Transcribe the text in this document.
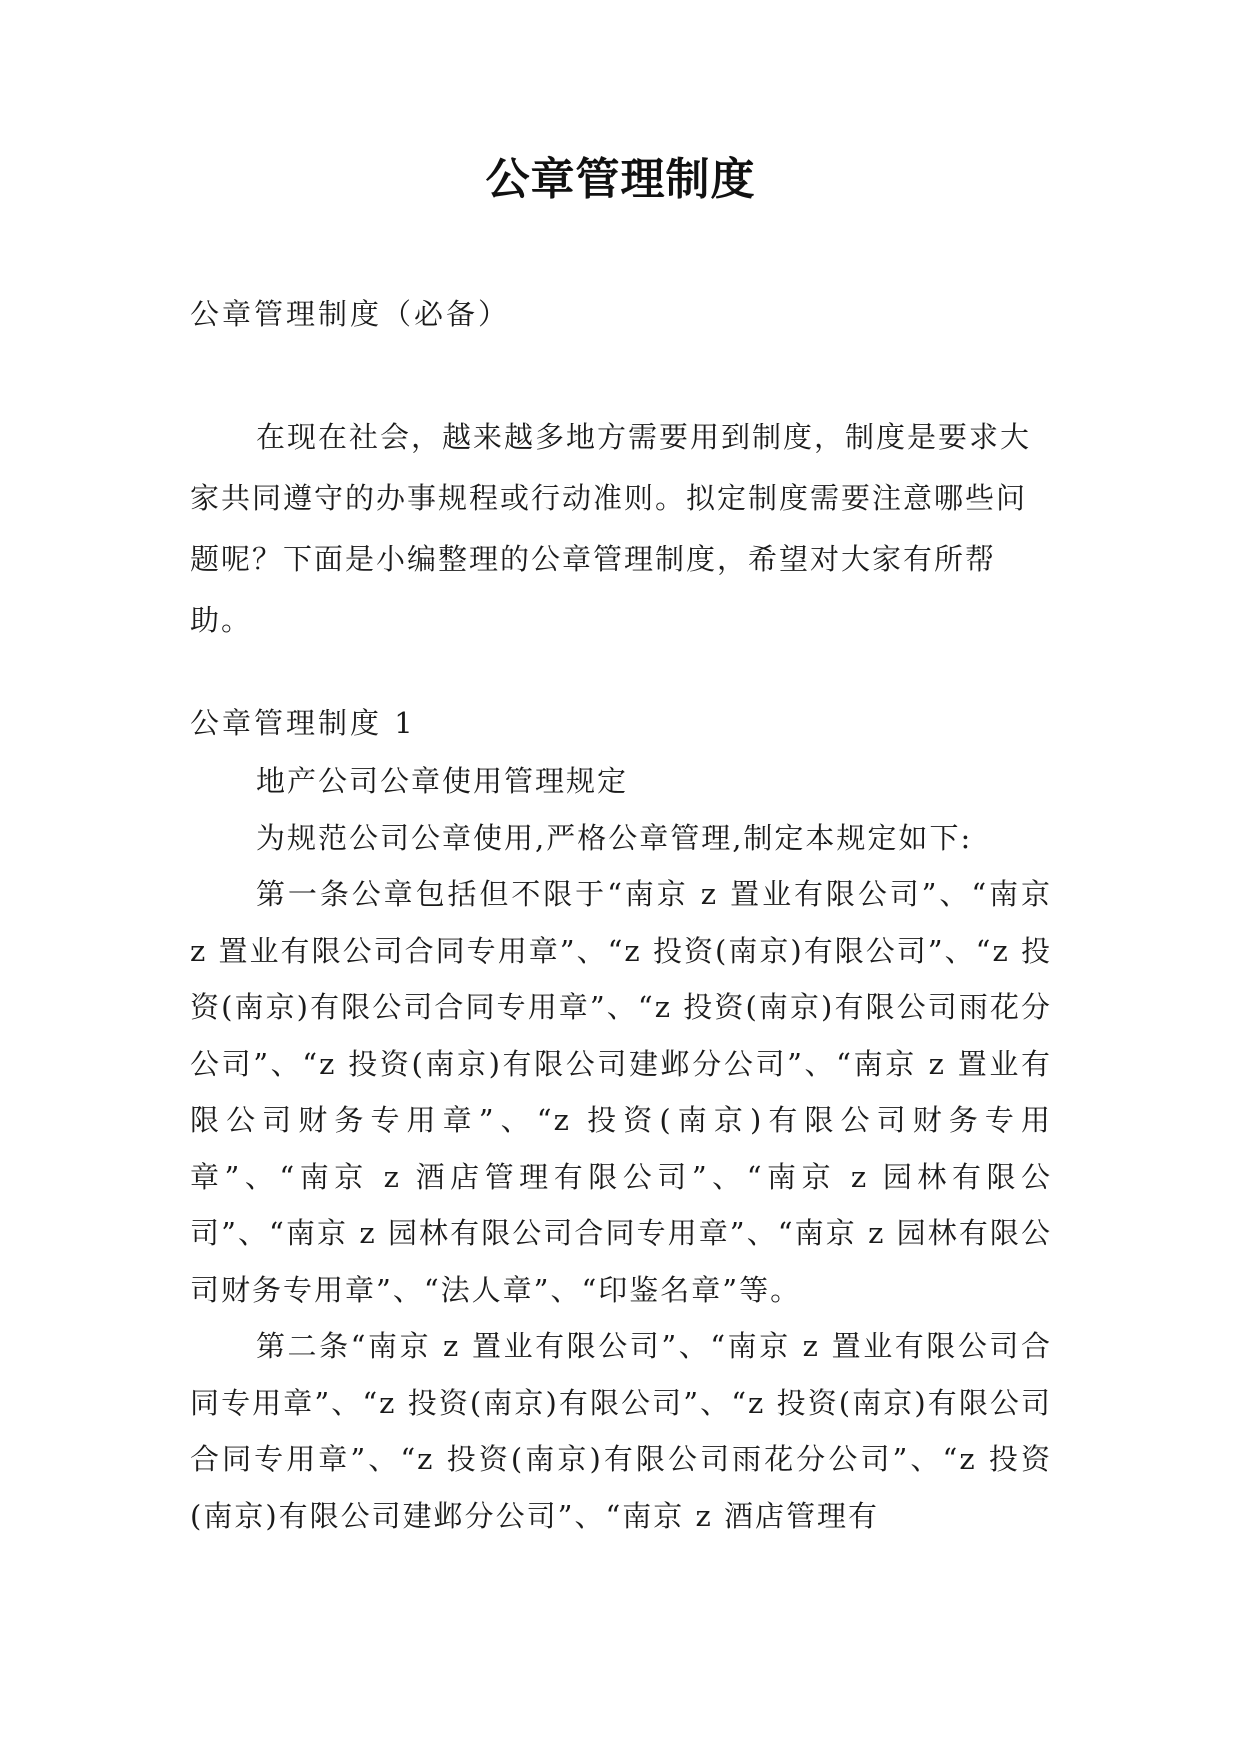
公章管理制度
公章管理制度（必备）
在现在社会，越来越多地方需要用到制度，制度是要求大家共同遵守的办事规程或行动准则。拟定制度需要注意哪些问题呢？下面是小编整理的公章管理制度，希望对大家有所帮助。
公章管理制度 1

地产公司公章使用管理规定

为规范公司公章使用,严格公章管理,制定本规定如下:

第一条公章包括但不限于“南京 z 置业有限公司”、“南京 z 置业有限公司合同专用章”、“z 投资(南京)有限公司”、“z 投资(南京)有限公司合同专用章”、“z 投资(南京)有限公司雨花分公司”、“z 投资(南京)有限公司建邺分公司”、“南京 z 置业有限公司财务专用章”、“z 投资(南京)有限公司财务专用章”、“南京 z 酒店管理有限公司”、“南京 z 园林有限公司”、“南京 z 园林有限公司合同专用章”、“南京 z 园林有限公司财务专用章”、“法人章”、“印鉴名章”等。

第二条“南京 z 置业有限公司”、“南京 z 置业有限公司合同专用章”、“z 投资(南京)有限公司”、“z 投资(南京)有限公司合同专用章”、“z 投资(南京)有限公司雨花分公司”、“z 投资(南京)有限公司建邺分公司”、“南京 z 酒店管理有
